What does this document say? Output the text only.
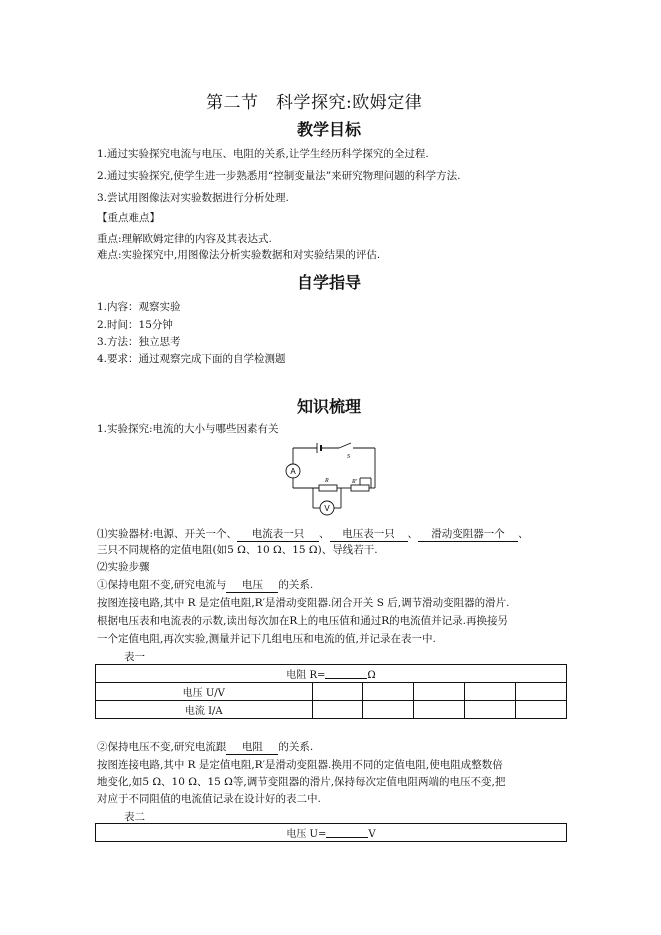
第二节　科学探究:欧姆定律
教学目标
1.通过实验探究电流与电压、电阻的关系,让学生经历科学探究的全过程.
2.通过实验探究,使学生进一步熟悉用“控制变量法”来研究物理问题的科学方法.
3.尝试用图像法对实验数据进行分析处理.
【重点难点】
重点:理解欧姆定律的内容及其表达式.
难点:实验探究中,用图像法分析实验数据和对实验结果的评估.
自学指导
1.内容：观察实验
2.时间：15分钟
3.方法：独立思考
4.要求：通过观察完成下面的自学检测题
知识梳理
1.实验探究:电流的大小与哪些因素有关
A
V
S
R	R'
⑴实验器材:电源、开关一个、 电流表一只 、 电压表一只 、 滑动变阻器一个 、
三只不同规格的定值电阻(如5 Ω、10 Ω、15 Ω)、导线若干.
⑵实验步骤
①保持电阻不变,研究电流与 电压 的关系.
按图连接电路,其中 R 是定值电阻,R′是滑动变阻器.闭合开关 S 后,调节滑动变阻器的滑片.
根据电压表和电流表的示数,读出每次加在R上的电压值和通过R的电流值并记录.再换接另
一个定值电阻,再次实验,测量并记下几组电压和电流的值,并记录在表一中.
表一
电阻 R= Ω					
电压 U/V					
电流 I/A					
②保持电压不变,研究电流跟 电阻 的关系.
按图连接电路,其中 R 是定值电阻,R′是滑动变阻器.换用不同的定值电阻,使电阻成整数倍
地变化,如5 Ω、10 Ω、15 Ω等,调节变阻器的滑片,保持每次定值电阻两端的电压不变,把
对应于不同阻值的电流值记录在设计好的表二中.
表二
电压 U=	V
